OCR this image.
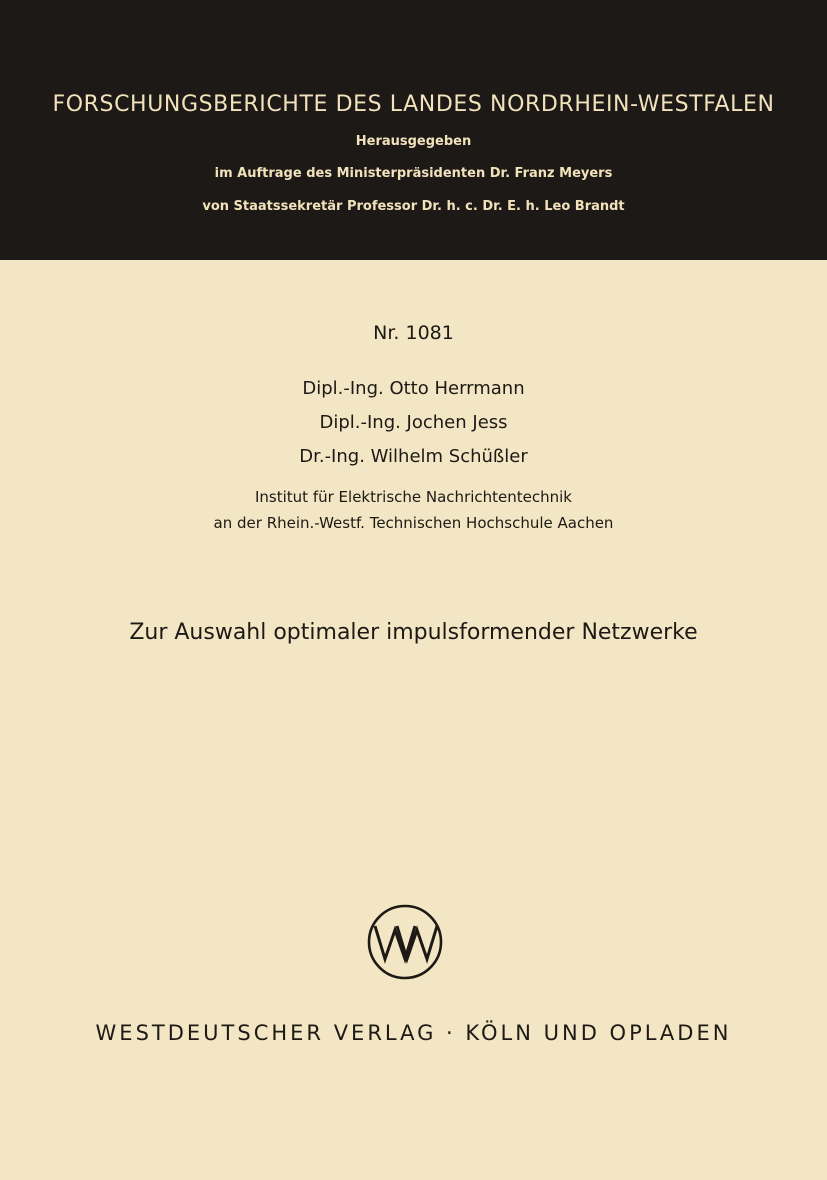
FORSCHUNGSBERICHTE DES LANDES NORDRHEIN-WESTFALEN
Herausgegeben
im Auftrage des Ministerpräsidenten Dr. Franz Meyers
von Staatssekretär Professor Dr. h. c. Dr. E. h. Leo Brandt
Nr. 1081
Dipl.-Ing. Otto Herrmann
Dipl.-Ing. Jochen Jess
Dr.-Ing. Wilhelm Schüßler
Institut für Elektrische Nachrichtentechnik
an der Rhein.-Westf. Technischen Hochschule Aachen
Zur Auswahl optimaler impulsformender Netzwerke
WESTDEUTSCHER VERLAG · KÖLN UND OPLADEN
